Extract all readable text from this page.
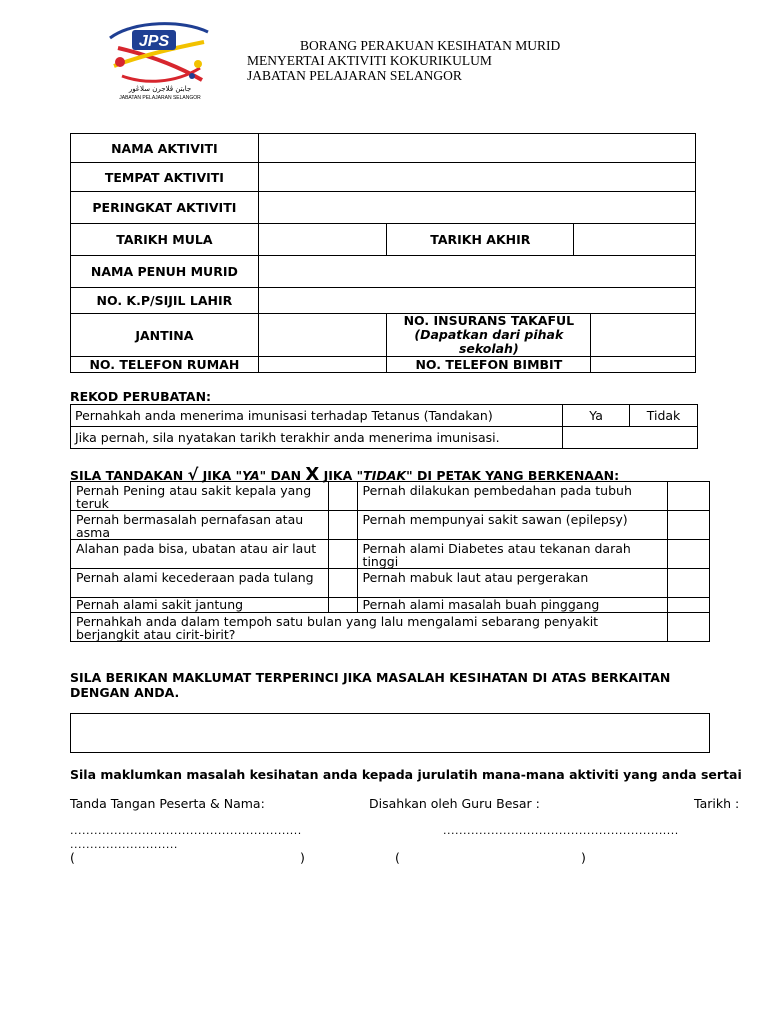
JPS
جابتن ڤلاجرن سلاڠور
JABATAN PELAJARAN SELANGOR
BORANG PERAKUAN KESIHATAN MURID
MENYERTAI AKTIVITI KOKURIKULUM
JABATAN PELAJARAN SELANGOR
NAMA AKTIVITI				
TEMPAT AKTIVITI				
PERINGKAT AKTIVITI				
TARIKH MULA		TARIKH AKHIR		
NAMA PENUH MURID				
NO. K.P/SIJIL LAHIR				
JANTINA		NO. INSURANS TAKAFUL
(Dapatkan dari pihak sekolah)		

NO. TELEFON RUMAH		NO. TELEFON BIMBIT		
REKOD PERUBATAN:
Pernahkah anda menerima imunisasi terhadap Tetanus (Tandakan)	Ya	Tidak
Jika pernah, sila nyatakan tarikh terakhir anda menerima imunisasi.		
SILA TANDAKAN √ JIKA "YA" DAN X JIKA "TIDAK" DI PETAK YANG BERKENAAN:
Pernah Pening atau sakit kepala yang teruk		Pernah dilakukan pembedahan pada tubuh	
Pernah bermasalah pernafasan atau asma		Pernah mempunyai sakit sawan (epilepsy)	
Alahan pada bisa, ubatan atau air laut		Pernah alami Diabetes atau tekanan darah tinggi	
Pernah alami kecederaan pada tulang		Pernah mabuk laut atau pergerakan	
Pernah alami sakit jantung		Pernah alami masalah buah pinggang	
Pernahkah anda dalam tempoh satu bulan yang lalu mengalami sebarang penyakit berjangkit atau cirit-birit?			
SILA BERIKAN MAKLUMAT TERPERINCI JIKA MASALAH KESIHATAN DI ATAS BERKAITAN DENGAN ANDA.
Sila maklumkan masalah kesihatan anda kepada jurulatih mana-mana aktiviti yang anda sertai
Tanda Tangan Peserta & Nama:	Disahkan oleh Guru Besar :	Tarikh :
..........................................................	...........................................................
...........................
(	)	(	)
